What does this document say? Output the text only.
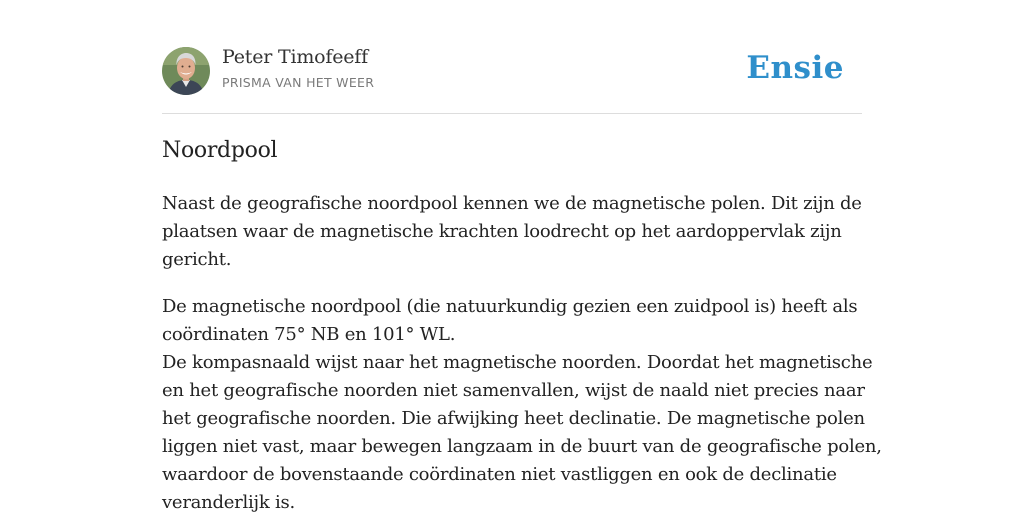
Peter Timofeeff
PRISMA VAN HET WEER	Ensie
Noordpool

Naast de geografische noordpool kennen we de magnetische polen. Dit zijn de
plaatsen waar de magnetische krachten loodrecht op het aardoppervlak zijn
gericht.

De magnetische noordpool (die natuurkundig gezien een zuidpool is) heeft als
coördinaten 75° NB en 101° WL.
De kompasnaald wijst naar het magnetische noorden. Doordat het magnetische
en het geografische noorden niet samenvallen, wijst de naald niet precies naar
het geografische noorden. Die afwijking heet declinatie. De magnetische polen
liggen niet vast, maar bewegen langzaam in de buurt van de geografische polen,
waardoor de bovenstaande coördinaten niet vastliggen en ook de declinatie
veranderlijk is.
